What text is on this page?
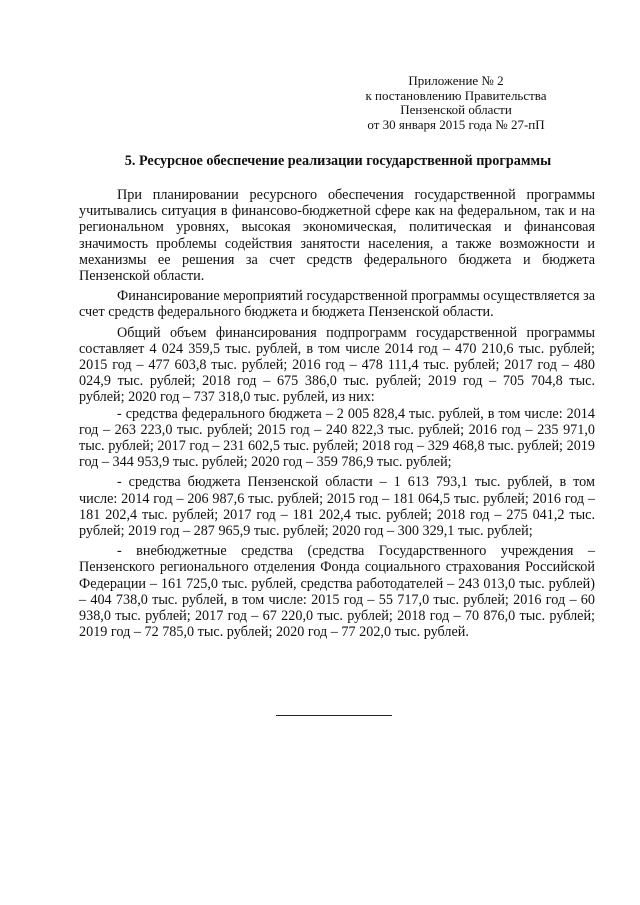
Приложение № 2
к постановлению Правительства
Пензенской области
от 30 января 2015 года № 27-пП
5. Ресурсное обеспечение реализации государственной программы

При планировании ресурсного обеспечения государственной программы учитывались ситуация в финансово-бюджетной сфере как на федеральном, так и на региональном уровнях, высокая экономическая, политическая и финансовая значимость проблемы содействия занятости населения, а также возможности и механизмы ее решения за счет средств федерального бюджета и бюджета Пензенской области.

Финансирование мероприятий государственной программы осуществляется за счет средств федерального бюджета и бюджета Пензенской области.

Общий объем финансирования подпрограмм государственной программы составляет 4 024 359,5 тыс. рублей, в том числе 2014 год – 470 210,6 тыс. рублей; 2015 год – 477 603,8 тыс. рублей; 2016 год – 478 111,4 тыс. рублей; 2017 год – 480 024,9 тыс. рублей; 2018 год – 675 386,0 тыс. рублей; 2019 год – 705 704,8 тыс. рублей; 2020 год – 737 318,0 тыс. рублей, из них:

- средства федерального бюджета – 2 005 828,4 тыс. рублей, в том числе: 2014 год – 263 223,0 тыс. рублей; 2015 год – 240 822,3 тыс. рублей; 2016 год – 235 971,0 тыс. рублей; 2017 год – 231 602,5 тыс. рублей; 2018 год – 329 468,8 тыс. рублей; 2019 год – 344 953,9 тыс. рублей; 2020 год – 359 786,9 тыс. рублей;

- средства бюджета Пензенской области – 1 613 793,1 тыс. рублей, в том числе: 2014 год – 206 987,6 тыс. рублей; 2015 год – 181 064,5 тыс. рублей; 2016 год – 181 202,4 тыс. рублей; 2017 год – 181 202,4 тыс. рублей; 2018 год – 275 041,2 тыс. рублей; 2019 год – 287 965,9 тыс. рублей; 2020 год – 300 329,1 тыс. рублей;

- внебюджетные средства (средства Государственного учреждения – Пензенского регионального отделения Фонда социального страхования Российской Федерации – 161 725,0 тыс. рублей, средства работодателей – 243 013,0 тыс. рублей) – 404 738,0 тыс. рублей, в том числе: 2015 год – 55 717,0 тыс. рублей; 2016 год – 60 938,0 тыс. рублей; 2017 год – 67 220,0 тыс. рублей; 2018 год – 70 876,0 тыс. рублей; 2019 год – 72 785,0 тыс. рублей; 2020 год – 77 202,0 тыс. рублей.
